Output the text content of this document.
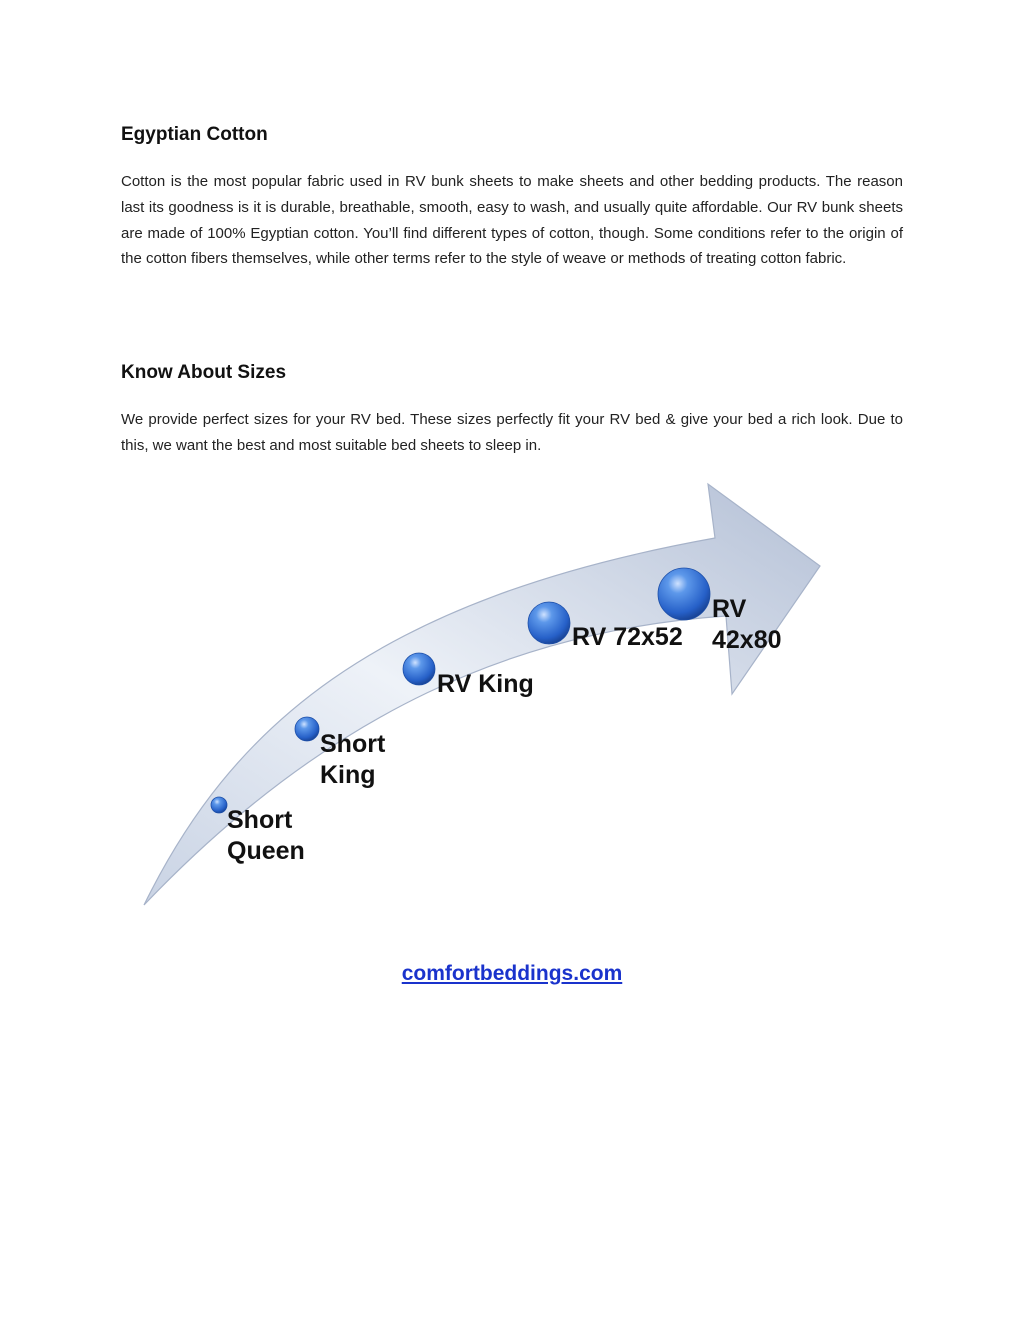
Egyptian Cotton

Cotton is the most popular fabric used in RV bunk sheets to make sheets and other bedding products. The reason last its goodness is it is durable, breathable, smooth, easy to wash, and usually quite affordable. Our RV bunk sheets are made of 100% Egyptian cotton. You’ll find different types of cotton, though. Some conditions refer to the origin of the cotton fibers themselves, while other terms refer to the style of weave or methods of treating cotton fabric.

Know About Sizes

We provide perfect sizes for your RV bed. These sizes perfectly fit your RV bed & give your bed a rich look. Due to this, we want the best and most suitable bed sheets to sleep in.

Short
Queen
Short
King
RV King
RV 72x52
RV
42x80
comfortbeddings.com
